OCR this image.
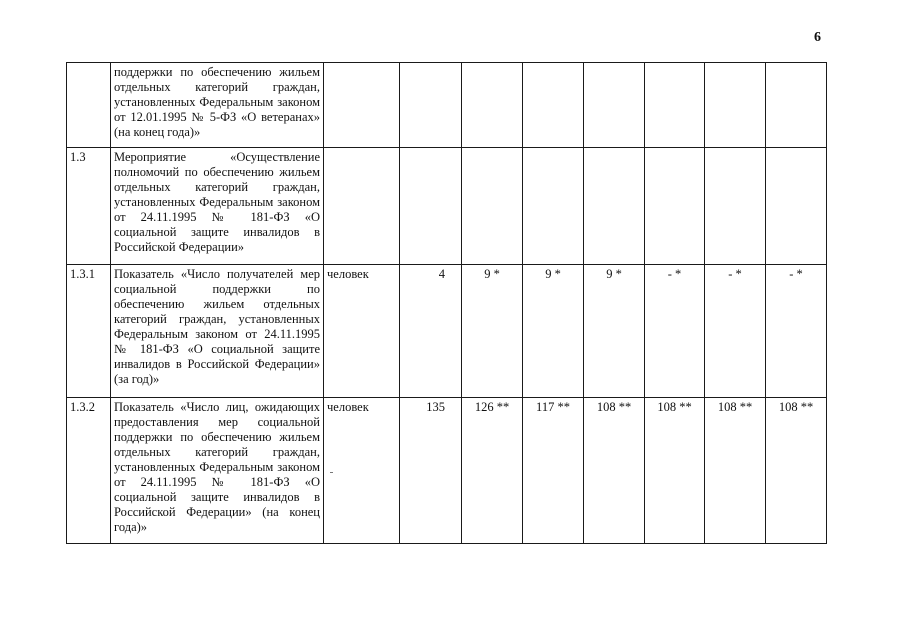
6

	поддержки по обеспечению жильем отдельных категорий граждан, установленных Федеральным законом от 12.01.1995 № 5-ФЗ «О ветеранах» (на конец года)»								

1.3	Мероприятие «Осуществление полномочий по обеспечению жильем отдельных категорий граждан, установленных Федеральным законом от 24.11.1995 № 181-ФЗ «О социальной защите инвалидов в Российской Федерации»								

1.3.1	Показатель «Число получателей мер социальной поддержки по обеспечению жильем отдельных категорий граждан, установленных Федеральным законом от 24.11.1995 № 181-ФЗ «О социальной защите инвалидов в Российской Федерации» (за год)»	человек	4	9 *	9 *	9 *	- *	- *	- *
1.3.2	Показатель «Число лиц, ожидающих предоставления мер социальной поддержки по обеспечению жильем отдельных категорий граждан, установленных Федеральным законом от 24.11.1995 № 181-ФЗ «О социальной защите инвалидов в Российской Федерации» (на конец года)»	человек	135	126 **	117 **	108 **	108 **	108 **	108 **
